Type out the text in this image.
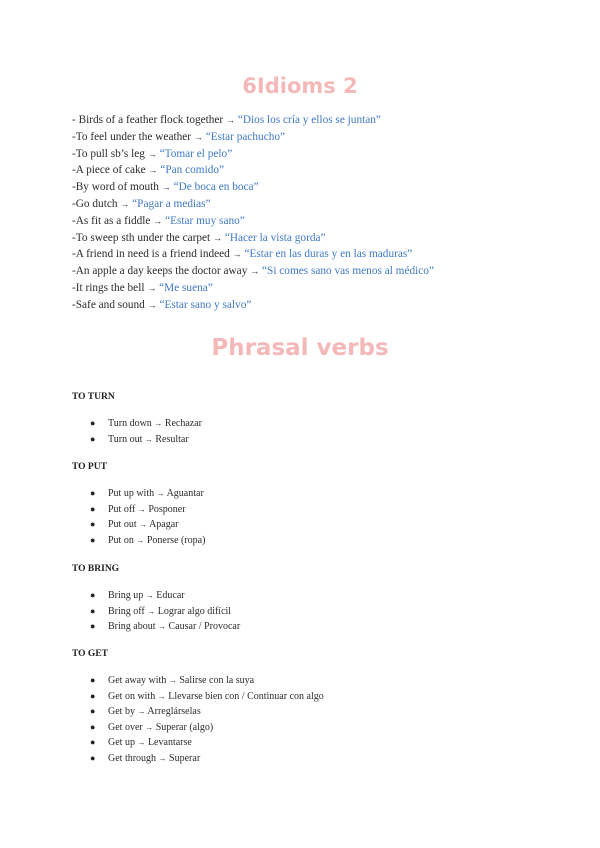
6Idioms 2
- Birds of a feather flock together → “Dios los cría y ellos se juntan”
-To feel under the weather → “Estar pachucho”
-To pull sb’s leg → “Tomar el pelo”
-A piece of cake → “Pan comido”
-By word of mouth → “De boca en boca”
-Go dutch → “Pagar a medias”
-As fit as a fiddle → “Estar muy sano”
-To sweep sth under the carpet → “Hacer la vista gorda”
-A friend in need is a friend indeed → “Estar en las duras y en las maduras”
-An apple a day keeps the doctor away → “Si comes sano vas menos al médico”
-It rings the bell → “Me suena”
-Safe and sound → “Estar sano y salvo”
Phrasal verbs

TO TURN

● Turn down → Rechazar
● Turn out → Resultar

TO PUT

● Put up with → Aguantar
● Put off → Posponer
● Put out → Apagar
● Put on → Ponerse (ropa)

TO BRING

● Bring up → Educar
● Bring off → Lograr algo difícil
● Bring about → Causar / Provocar

TO GET

● Get away with → Salirse con la suya
● Get on with → Llevarse bien con / Continuar con algo
● Get by → Arreglárselas
● Get over → Superar (algo)
● Get up → Levantarse
● Get through → Superar
